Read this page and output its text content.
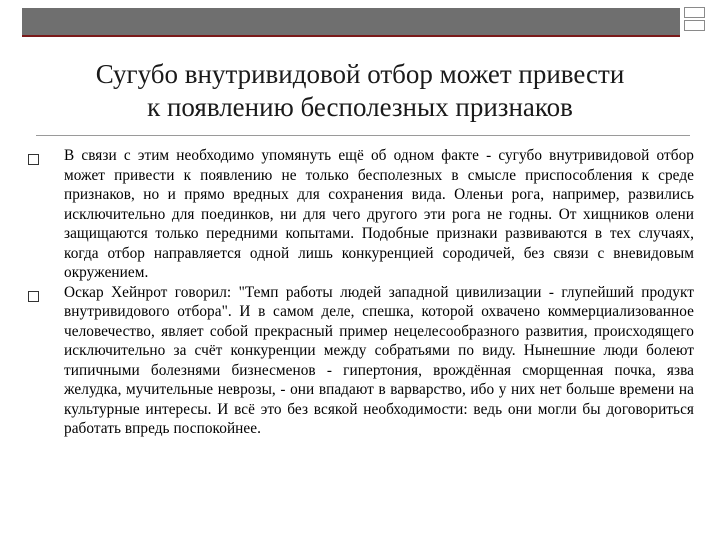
Сугубо внутривидовой отбор может привести
к появлению бесполезных признаков
В связи с этим необходимо упомянуть ещё об одном факте - сугубо внутривидовой отбор может привести к появлению не только бесполезных в смысле приспособления к среде признаков, но и прямо вредных для сохранения вида. Оленьи рога, например, развились исключительно для поединков, ни для чего другого эти рога не годны. От хищников олени защищаются только передними копытами. Подобные признаки развиваются в тех случаях, когда отбор направляется одной лишь конкуренцией сородичей, без связи с вневидовым окружением.
Оскар Хейнрот говорил: "Темп работы людей западной цивилизации - глупейший продукт внутривидового отбора". И в самом деле, спешка, которой охвачено коммерциализованное человечество, являет собой прекрасный пример нецелесообразного развития, происходящего исключительно за счёт конкуренции между собратьями по виду. Нынешние люди болеют типичными болезнями бизнесменов - гипертония, врождённая сморщенная почка, язва желудка, мучительные неврозы, - они впадают в варварство, ибо у них нет больше времени на культурные интересы. И всё это без всякой необходимости: ведь они могли бы договориться работать впредь поспокойнее.
